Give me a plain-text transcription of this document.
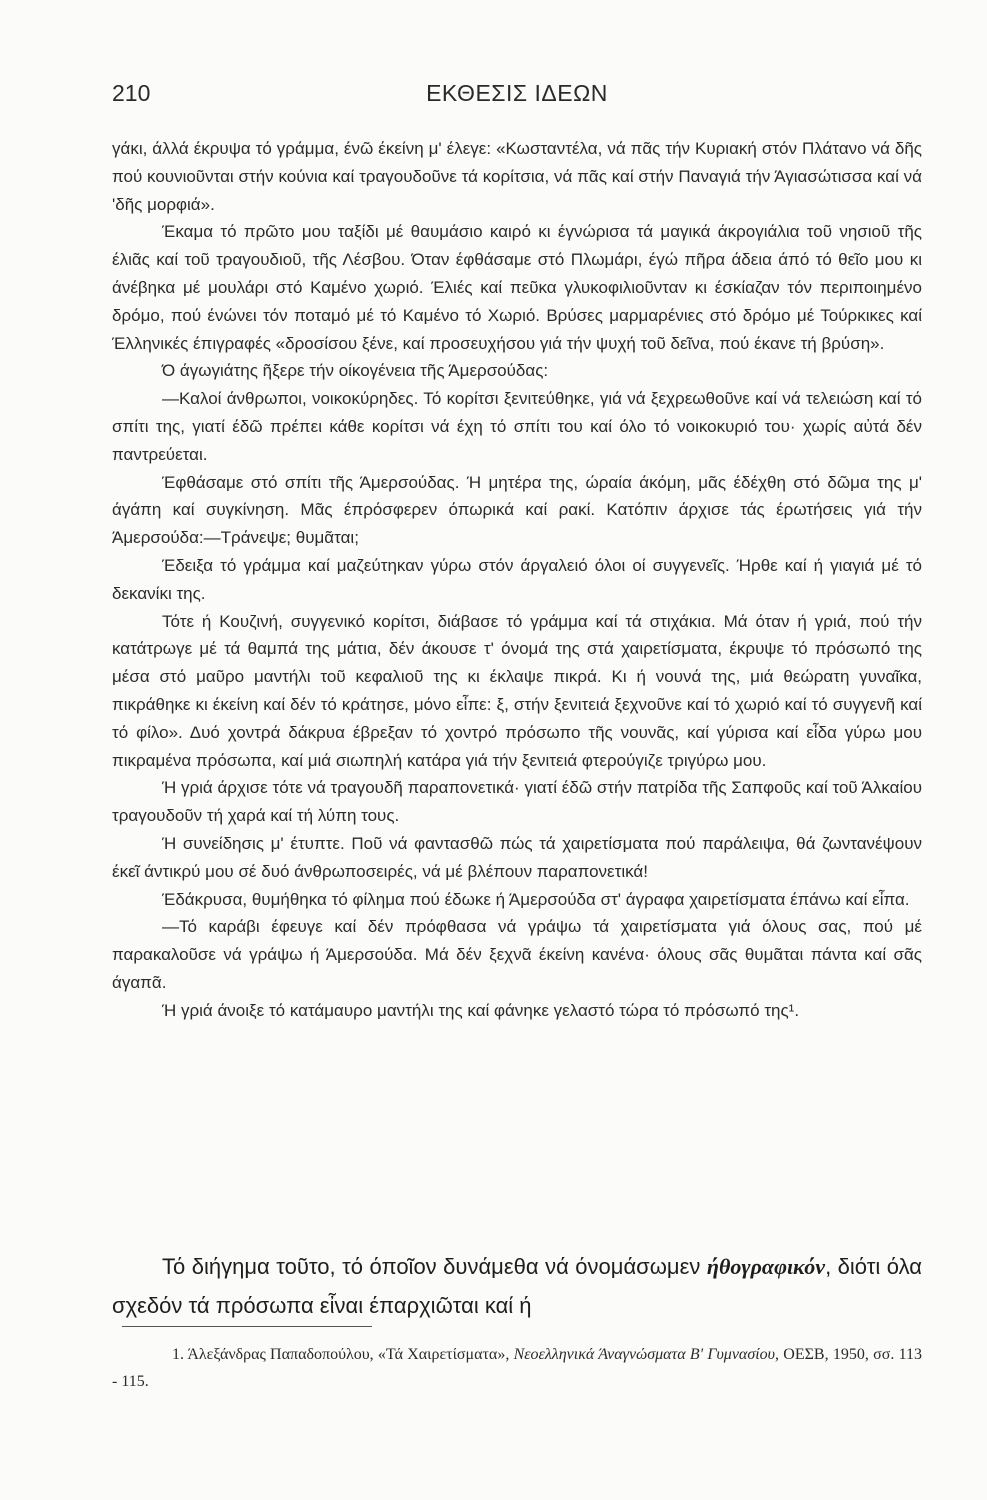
210	ΕΚΘΕΣΙΣ ΙΔΕΩΝ

γάκι, άλλά έκρυψα τό γράμμα, ένῶ έκείνη μ' έλεγε: «Κωσταντέλα, νά πᾶς τήν Κυριακή στόν Πλάτανο νά δῆς πού κουνιοῦνται στήν κούνια καί τραγουδοῦνε τά κορίτσια, νά πᾶς καί στήν Παναγιά τήν Άγιασώτισσα καί νά 'δῆς μορφιά».

Έκαμα τό πρῶτο μου ταξίδι μέ θαυμάσιο καιρό κι έγνώρισα τά μαγικά άκρογιάλια τοῦ νησιοῦ τῆς έλιᾶς καί τοῦ τραγουδιοῦ, τῆς Λέσβου. Όταν έφθάσαμε στό Πλωμάρι, έγώ πῆρα άδεια άπό τό θεῖο μου κι άνέβηκα μέ μουλάρι στό Καμένο χωριό. Έλιές καί πεῦκα γλυκοφιλιοῦνταν κι έσκίαζαν τόν περιποιημένο δρόμο, πού ένώνει τόν ποταμό μέ τό Καμένο τό Χωριό. Βρύσες μαρμαρένιες στό δρόμο μέ Τούρκικες καί Έλληνικές έπιγραφές «δροσίσου ξένε, καί προσευχήσου γιά τήν ψυχή τοῦ δεῖνα, πού έκανε τή βρύση».

Ό άγωγιάτης ῆξερε τήν οίκογένεια τῆς Άμερσούδας:

—Καλοί άνθρωποι, νοικοκύρηδες. Τό κορίτσι ξενιτεύθηκε, γιά νά ξεχρεωθοῦνε καί νά τελειώση καί τό σπίτι της, γιατί έδῶ πρέπει κάθε κορίτσι νά έχη τό σπίτι του καί όλο τό νοικοκυριό του· χωρίς αὐτά δέν παντρεύεται.

Έφθάσαμε στό σπίτι τῆς Άμερσούδας. Ή μητέρα της, ώραία άκόμη, μᾶς έδέχθη στό δῶμα της μ' άγάπη καί συγκίνηση. Μᾶς έπρόσφερεν όπωρικά καί ρακί. Κατόπιν άρχισε τάς έρωτήσεις γιά τήν Άμερσούδα:—Τράνεψε; θυμᾶται;

Έδειξα τό γράμμα καί μαζεύτηκαν γύρω στόν άργαλειό όλοι οί συγγενεῖς. Ήρθε καί ή γιαγιά μέ τό δεκανίκι της.

Τότε ή Κουζινή, συγγενικό κορίτσι, διάβασε τό γράμμα καί τά στιχάκια. Μά όταν ή γριά, πού τήν κατάτρωγε μέ τά θαμπά της μάτια, δέν άκουσε τ' όνομά της στά χαιρετίσματα, έκρυψε τό πρόσωπό της μέσα στό μαῦρο μαντήλι τοῦ κεφαλιοῦ της κι έκλαψε πικρά. Κι ή νουνά της, μιά θεώρατη γυναῖκα, πικράθηκε κι έκείνη καί δέν τό κράτησε, μόνο εἶπε: ξ, στήν ξενιτειά ξεχνοῦνε καί τό χωριό καί τό συγγενῆ καί τό φίλο». Δυό χοντρά δάκρυα έβρεξαν τό χοντρό πρόσωπο τῆς νουνᾶς, καί γύρισα καί εἶδα γύρω μου πικραμένα πρόσωπα, καί μιά σιωπηλή κατάρα γιά τήν ξενιτειά φτερούγιζε τριγύρω μου.

Ή γριά άρχισε τότε νά τραγουδῆ παραπονετικά· γιατί έδῶ στήν πατρίδα τῆς Σαπφοῦς καί τοῦ Άλκαίου τραγουδοῦν τή χαρά καί τή λύπη τους.

Ή συνείδησις μ' έτυπτε. Ποῦ νά φαντασθῶ πώς τά χαιρετίσματα πού παράλειψα, θά ζωντανέψουν έκεῖ άντικρύ μου σέ δυό άνθρωποσειρές, νά μέ βλέπουν παραπονετικά!

Έδάκρυσα, θυμήθηκα τό φίλημα πού έδωκε ή Άμερσούδα στ' άγραφα χαιρετίσματα έπάνω καί εἶπα.

—Τό καράβι έφευγε καί δέν πρόφθασα νά γράψω τά χαιρετίσματα γιά όλους σας, πού μέ παρακαλοῦσε νά γράψω ή Άμερσούδα. Μά δέν ξεχνᾶ έκείνη κανένα· όλους σᾶς θυμᾶται πάντα καί σᾶς άγαπᾶ.

Ή γριά άνοιξε τό κατάμαυρο μαντήλι της καί φάνηκε γελαστό τώρα τό πρόσωπό της¹.

Τό διήγημα τοῦτο, τό όποῖον δυνάμεθα νά όνομάσωμεν ήθογραφικόν, διότι όλα σχεδόν τά πρόσωπα εἶναι έπαρχιῶται καί ή

1. Άλεξάνδρας Παπαδοπούλου, «Τά Χαιρετίσματα», Νεοελληνικά Άναγνώσματα Β' Γυμνασίου, ΟΕΣΒ, 1950, σσ. 113 - 115.
